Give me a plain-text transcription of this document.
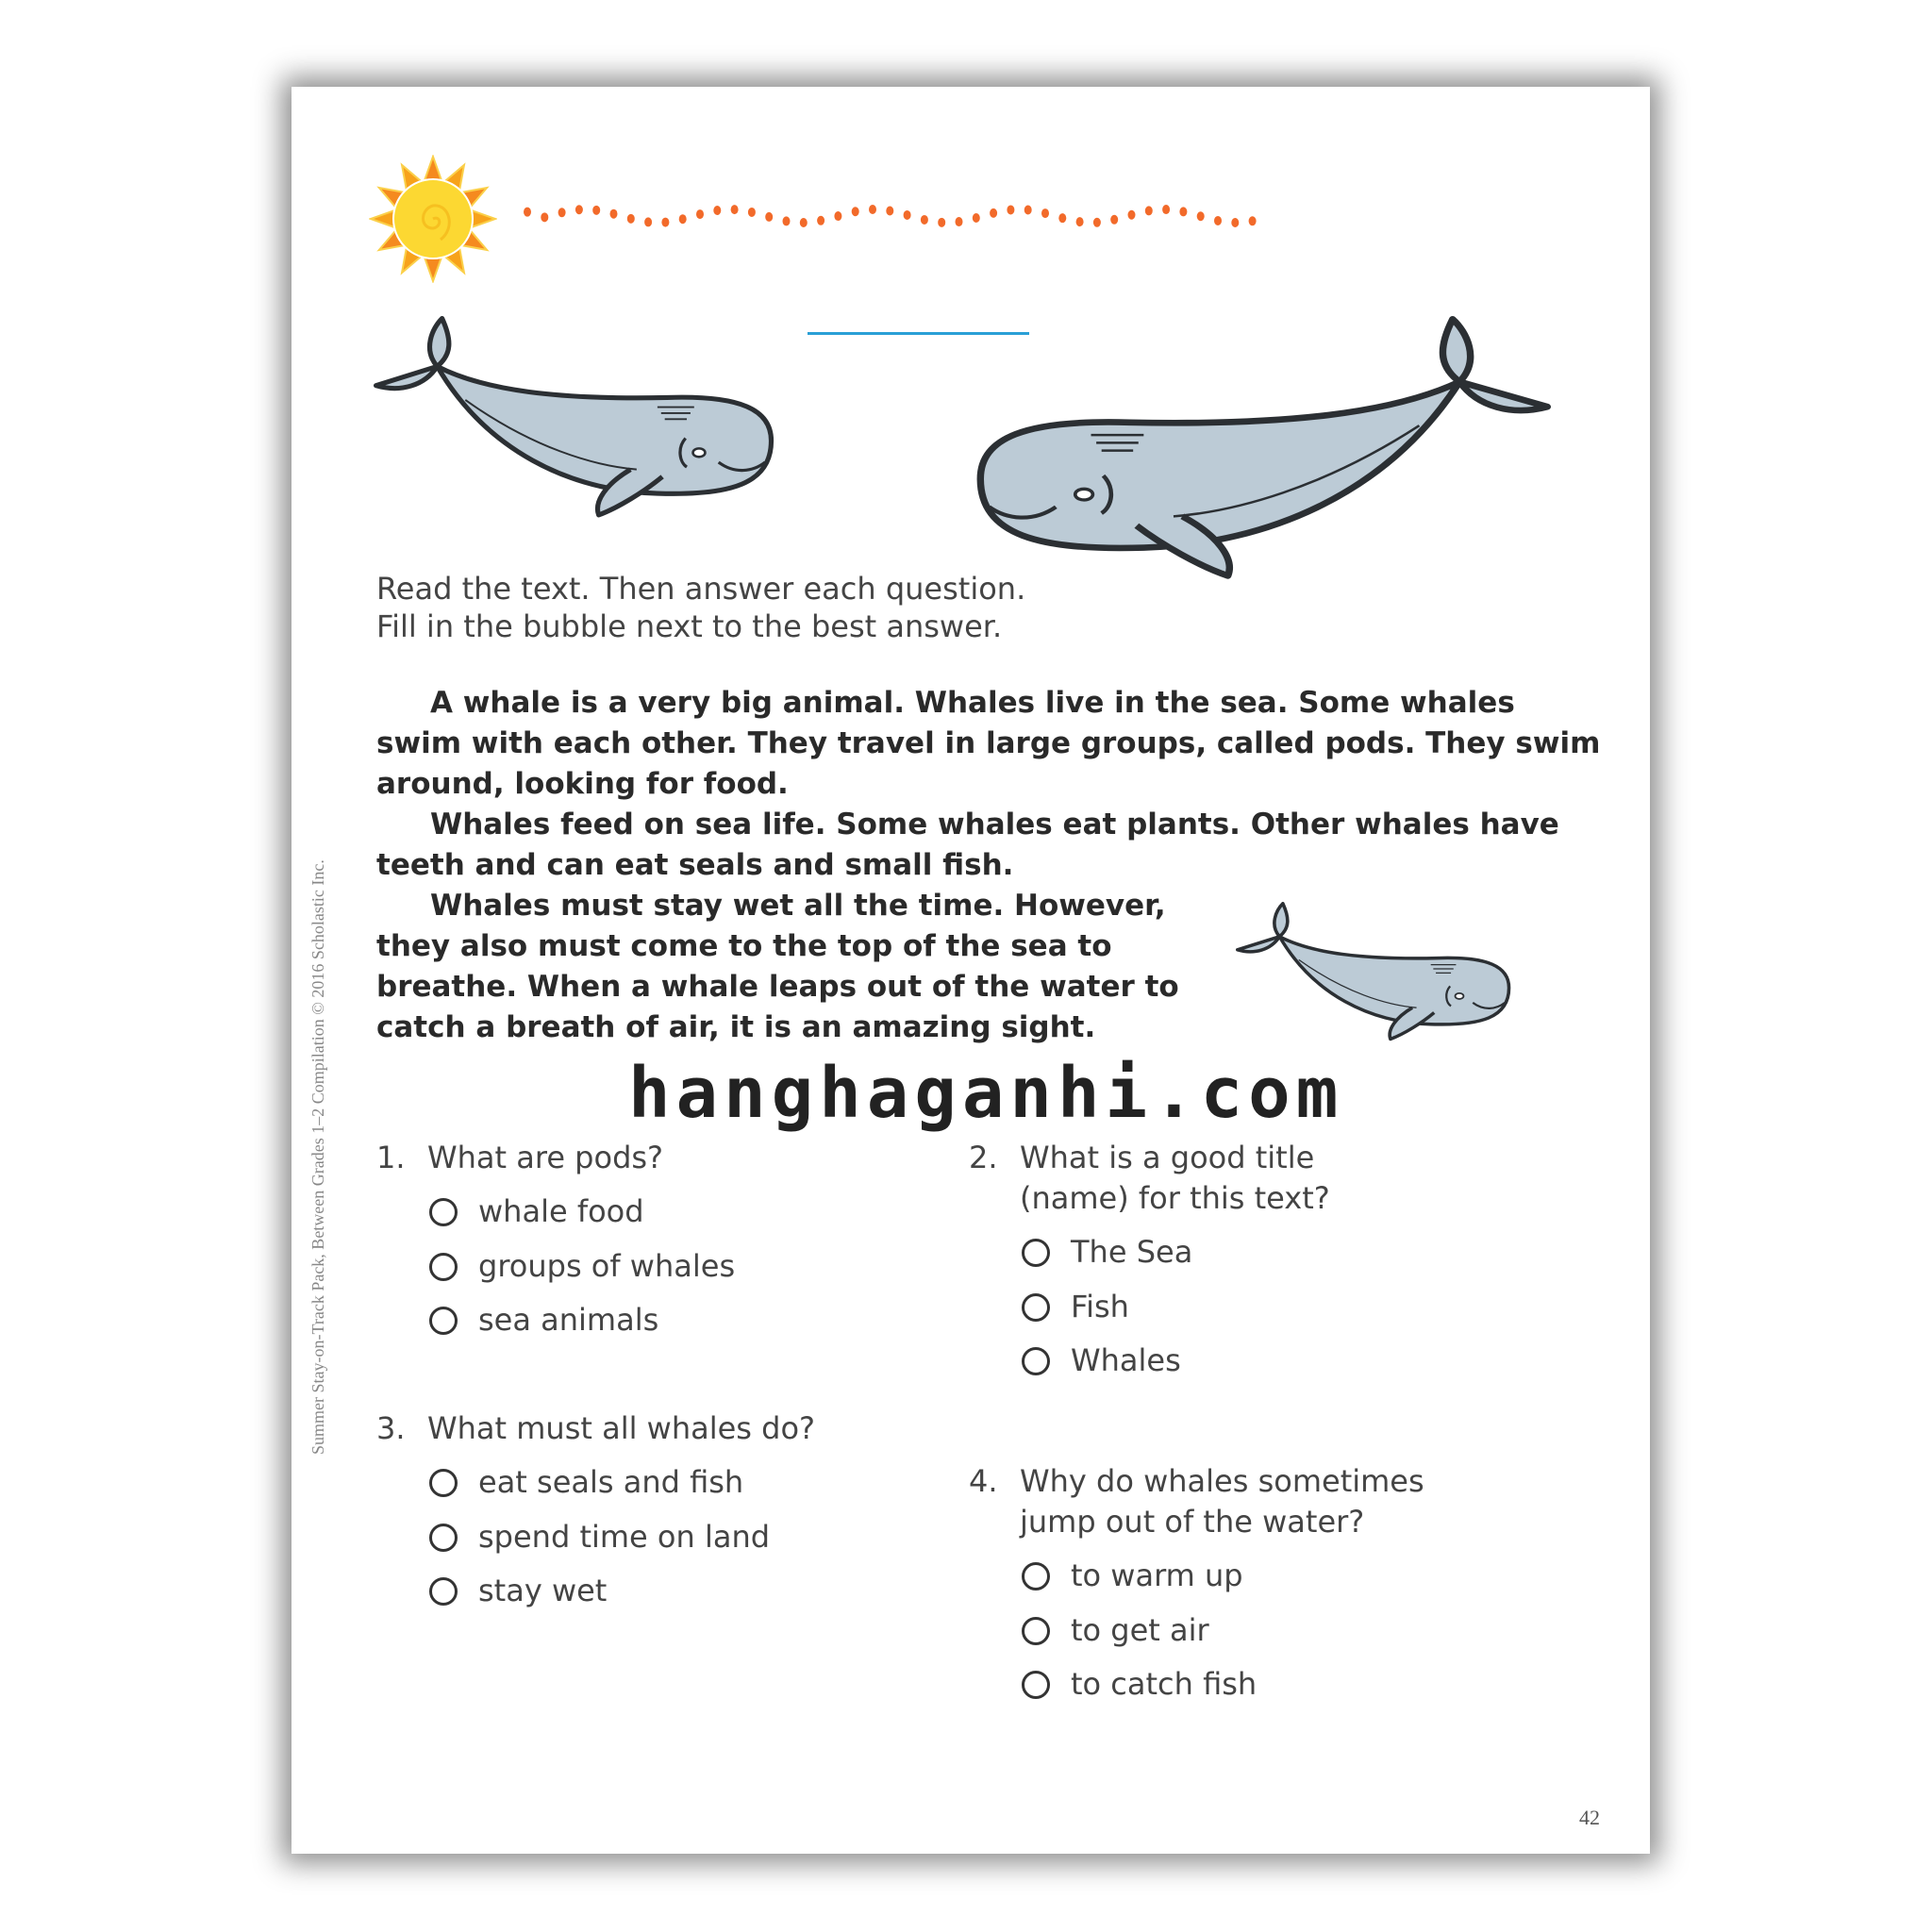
Read the text. Then answer each question.
Fill in the bubble next to the best answer.
A whale is a very big animal. Whales live in the sea. Some whales
swim with each other. They travel in large groups, called pods. They swim
around, looking for food.
Whales feed on sea life. Some whales eat plants. Other whales have
teeth and can eat seals and small fish.
Whales must stay wet all the time. However,
they also must come to the top of the sea to
breathe. When a whale leaps out of the water to
catch a breath of air, it is an amazing sight.
hanghaganhi.com
1. What are pods?
whale food
groups of whales
sea animals
2. What is a good title
(name) for this text?
The Sea
Fish
Whales
3. What must all whales do?
eat seals and fish
spend time on land
stay wet
4. Why do whales sometimes
jump out of the water?
to warm up
to get air
to catch fish
Summer Stay-on-Track Pack, Between Grades 1–2 Compilation © 2016 Scholastic Inc.
42
